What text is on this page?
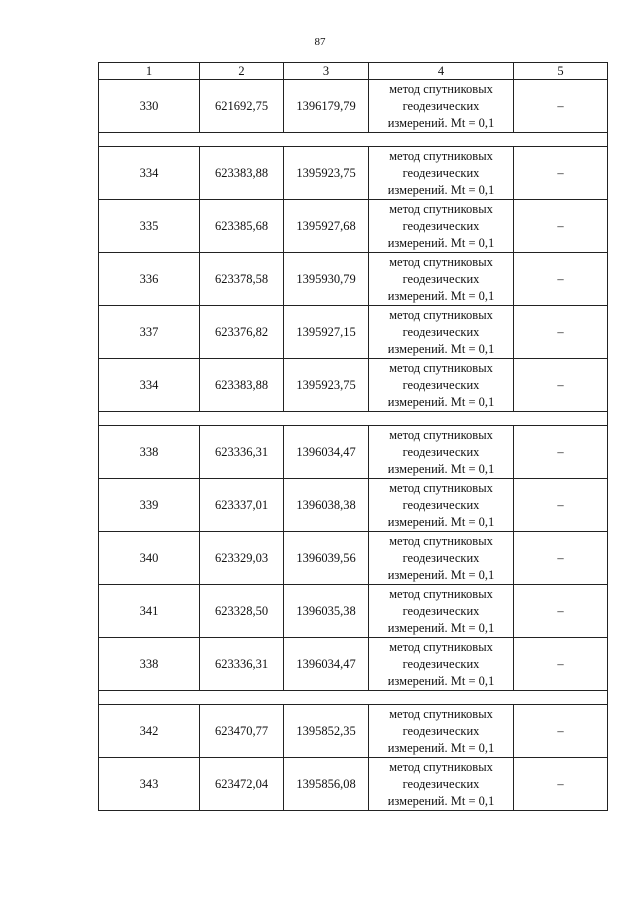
87
1	2	3	4	5
330	621692,75	1396179,79	метод спутниковых
геодезических
измерений. Mt = 0,1	–

334	623383,88	1395923,75	метод спутниковых
геодезических
измерений. Mt = 0,1	–
335	623385,68	1395927,68	метод спутниковых
геодезических
измерений. Mt = 0,1	–
336	623378,58	1395930,79	метод спутниковых
геодезических
измерений. Mt = 0,1	–
337	623376,82	1395927,15	метод спутниковых
геодезических
измерений. Mt = 0,1	–
334	623383,88	1395923,75	метод спутниковых
геодезических
измерений. Mt = 0,1	–

338	623336,31	1396034,47	метод спутниковых
геодезических
измерений. Mt = 0,1	–
339	623337,01	1396038,38	метод спутниковых
геодезических
измерений. Mt = 0,1	–
340	623329,03	1396039,56	метод спутниковых
геодезических
измерений. Mt = 0,1	–
341	623328,50	1396035,38	метод спутниковых
геодезических
измерений. Mt = 0,1	–
338	623336,31	1396034,47	метод спутниковых
геодезических
измерений. Mt = 0,1	–

342	623470,77	1395852,35	метод спутниковых
геодезических
измерений. Mt = 0,1	–
343	623472,04	1395856,08	метод спутниковых
геодезических
измерений. Mt = 0,1	–
